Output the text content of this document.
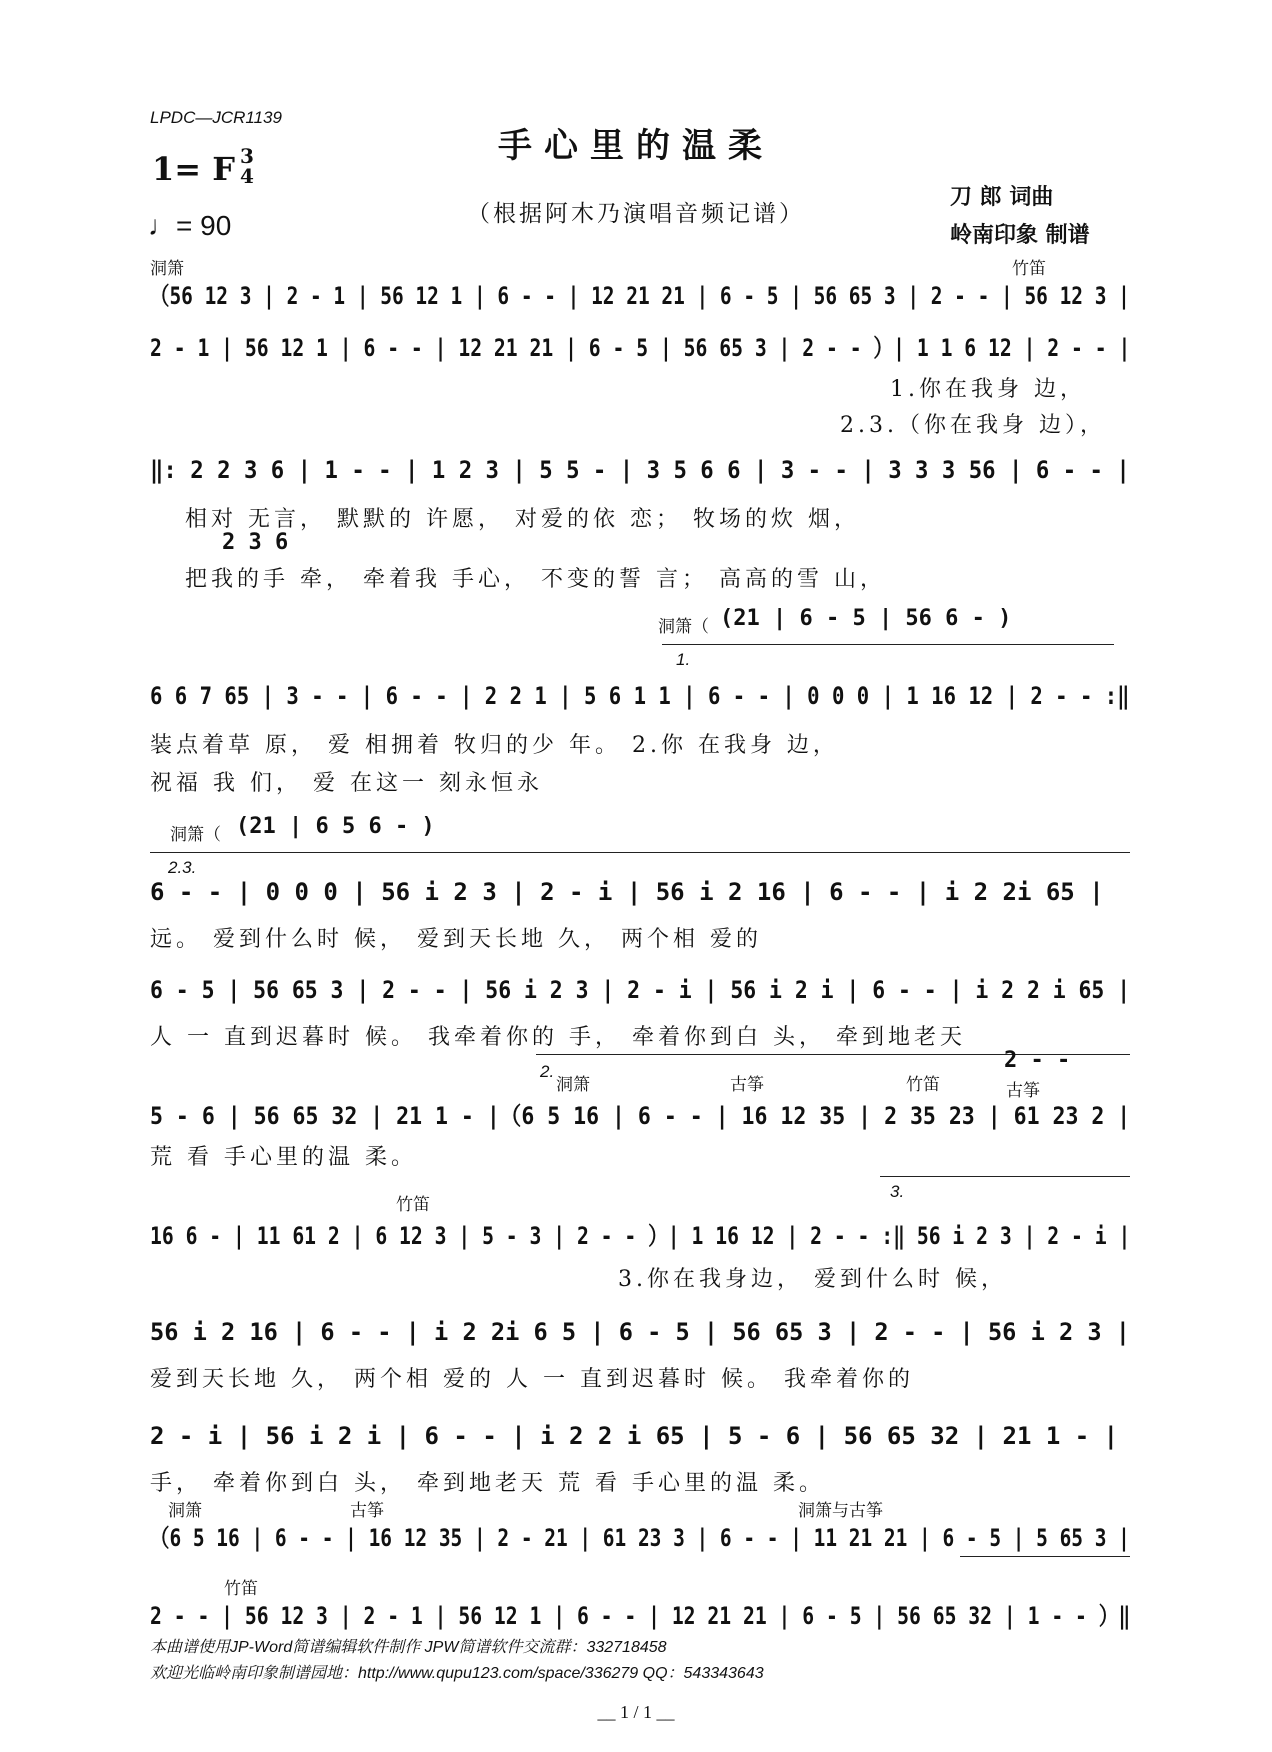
LPDC—JCR1139
手心里的温柔
（根据阿木乃演唱音频记谱）
1= F 3
4
♩= 90
刀 郎 词曲
岭南印象 制谱
洞箫	竹笛
（56 12 3 | 2 - 1 | 56 12 1 | 6 - - | 12 21 21 | 6 - 5 | 56 65 3 | 2 - - | 56 12 3 |
2 - 1 | 56 12 1 | 6 - - | 12 21 21 | 6 - 5 | 56 65 3 | 2 - - ）| 1 1 6 12 | 2 - - |
1.你在我身 边，
2.3.（你在我身 边），
‖: 2 2 3 6 | 1 - - | 1 2 3 | 5 5 - | 3 5 6 6 | 3 - - | 3 3 3 56 | 6 - - |
相对 无言， 默默的 许愿， 对爱的依 恋； 牧场的炊 烟，
2 3 6
把我的手 牵， 牵着我 手心， 不变的誓 言； 高高的雪 山，
洞箫（ (21 | 6 - 5 | 56 6 - )
1.
6 6 7 65 | 3 - - | 6 - - | 2 2 1 | 5 6 1 1 | 6 - - | 0 0 0 | 1 16 12 | 2 - - :‖
装点着草 原， 爱 相拥着 牧归的少 年。 2.你 在我身 边，
祝福 我 们， 爱 在这一 刻永恒永
洞箫（ (21 | 6 5 6 - )
2.3.
6 - - | 0 0 0 | 56 i 2 3 | 2 - i | 56 i 2 16 | 6 - - | i 2 2i 65 |
远。 爱到什么时 候， 爱到天长地 久， 两个相 爱的
6 - 5 | 56 65 3 | 2 - - | 56 i 2 3 | 2 - i | 56 i 2 i | 6 - - | i 2 2 i 65 |
人 一 直到迟暮时 候。 我牵着你的 手， 牵着你到白 头， 牵到地老天
2.
洞箫	古筝	竹笛	古筝
2 - -
5 - 6 | 56 65 32 | 21 1 - |（6 5 16 | 6 - - | 16 12 35 | 2 35 23 | 61 23 2 |
荒 看 手心里的温 柔。
3.
竹笛
16 6 - | 11 61 2 | 6 12 3 | 5 - 3 | 2 - - ）| 1 16 12 | 2 - - :‖ 56 i 2 3 | 2 - i |
3.你在我身边， 爱到什么时 候，
56 i 2 16 | 6 - - | i 2 2i 6 5 | 6 - 5 | 56 65 3 | 2 - - | 56 i 2 3 |
爱到天长地 久， 两个相 爱的 人 一 直到迟暮时 候。 我牵着你的
2 - i | 56 i 2 i | 6 - - | i 2 2 i 65 | 5 - 6 | 56 65 32 | 21 1 - |
手， 牵着你到白 头， 牵到地老天 荒 看 手心里的温 柔。
洞箫	古筝	洞箫与古筝
（6 5 16 | 6 - - | 16 12 35 | 2 - 21 | 61 23 3 | 6 - - | 11 21 21 | 6 - 5 | 5 65 3 |
竹笛
2 - - | 56 12 3 | 2 - 1 | 56 12 1 | 6 - - | 12 21 21 | 6 - 5 | 56 65 32 | 1 - - ）‖
本曲谱使用JP-Word简谱编辑软件制作 JPW简谱软件交流群：332718458
欢迎光临岭南印象制谱园地：http://www.qupu123.com/space/336279 QQ：543343643
__ 1 / 1 __
